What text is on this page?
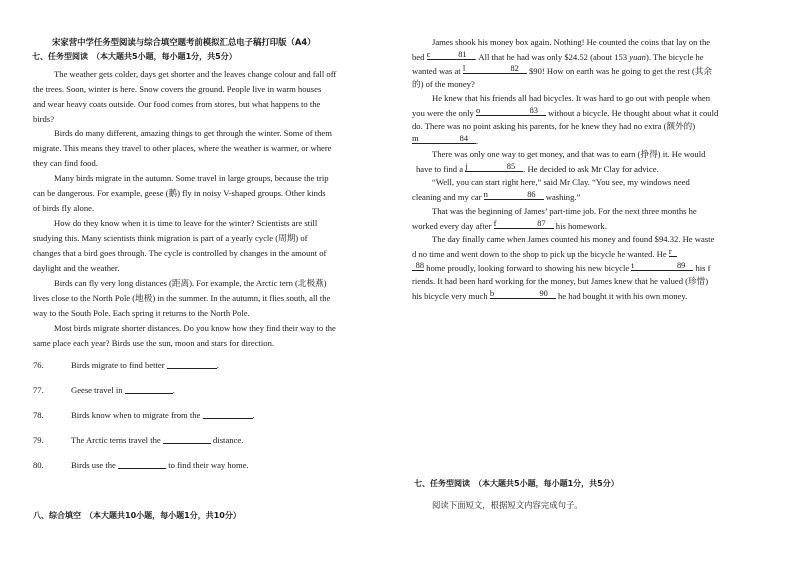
宋家营中学任务型阅读与综合填空题考前模拟汇总电子稿打印版（A4）
七、任务型阅读　（本大题共5小题，每小题1分，共5分）
The weather gets colder, days get shorter and the leaves change colour and fall off
the trees. Soon, winter is here. Snow covers the ground. People live in warm houses
and wear heavy coats outside. Our food comes from stores, but what happens to the
birds?
Birds do many different, amazing things to get through the winter. Some of them
migrate. This means they travel to other places, where the weather is warmer, or where
they can find food.
Many birds migrate in the autumn. Some travel in large groups, because the trip
can be dangerous. For example, geese (鹅) fly in noisy V-shaped groups. Other kinds
of birds fly alone.
How do they know when it is time to leave for the winter? Scientists are still
studying this. Many scientists think migration is part of a yearly cycle (周期) of
changes that a bird goes through. The cycle is controlled by changes in the amount of
daylight and the weather.
Birds can fly very long distances (距离). For example, the Arctic tern (北极燕)
lives close to the North Pole (地极) in the summer. In the autumn, it flies south, all the
way to the South Pole. Each spring it returns to the North Pole.
Most birds migrate shorter distances. Do you know how they find their way to the
same place each year? Birds use the sun, moon and stars for direction.
76.	Birds migrate to find better	.
77.	Geese travel in	.
78.	Birds know when to migrate from the	.
79.	The Arctic terns travel the	distance.
80.	Birds use the	to find their way home.
八、综合填空　（本大题共10小题，每小题1分，共10分）
James shook his money box again. Nothing! He counted the coins that lay on the
bed c	81 . All that he had was only $24.52 (about 153 yuan). The bicycle he
wanted was at l	82 $90! How on earth was he going to get the rest (其余
的) of the money?
He knew that his friends all had bicycles. It was hard to go out with people when
you were the only o	83 without a bicycle. He thought about what it could
do. There was no point asking his parents, for he knew they had no extra (额外的)
m	84 .
There was only one way to get money, and that was to earn (挣得) it. He would
have to find a j	85 . He decided to ask Mr Clay for advice.
“Well, you can start right here,” said Mr Clay. “You see, my windows need
cleaning and my car n	86 washing.”
That was the beginning of James’ part-time job. For the next three months he
worked every day after f	87 his homework.
The day finally came when James counted his money and found $94.32. He waste
d no time and went down to the shop to pick up the bicycle he wanted. He r
88 home proudly, looking forward to showing his new bicycle t	89 his f
riends. It had been hard working for the money, but James knew that he valued (珍惜)
his bicycle very much b	90 he had bought it with his own money.
七、任务型阅读　（本大题共5小题，每小题1分，共5分）
阅读下面短文，根据短文内容完成句子。
